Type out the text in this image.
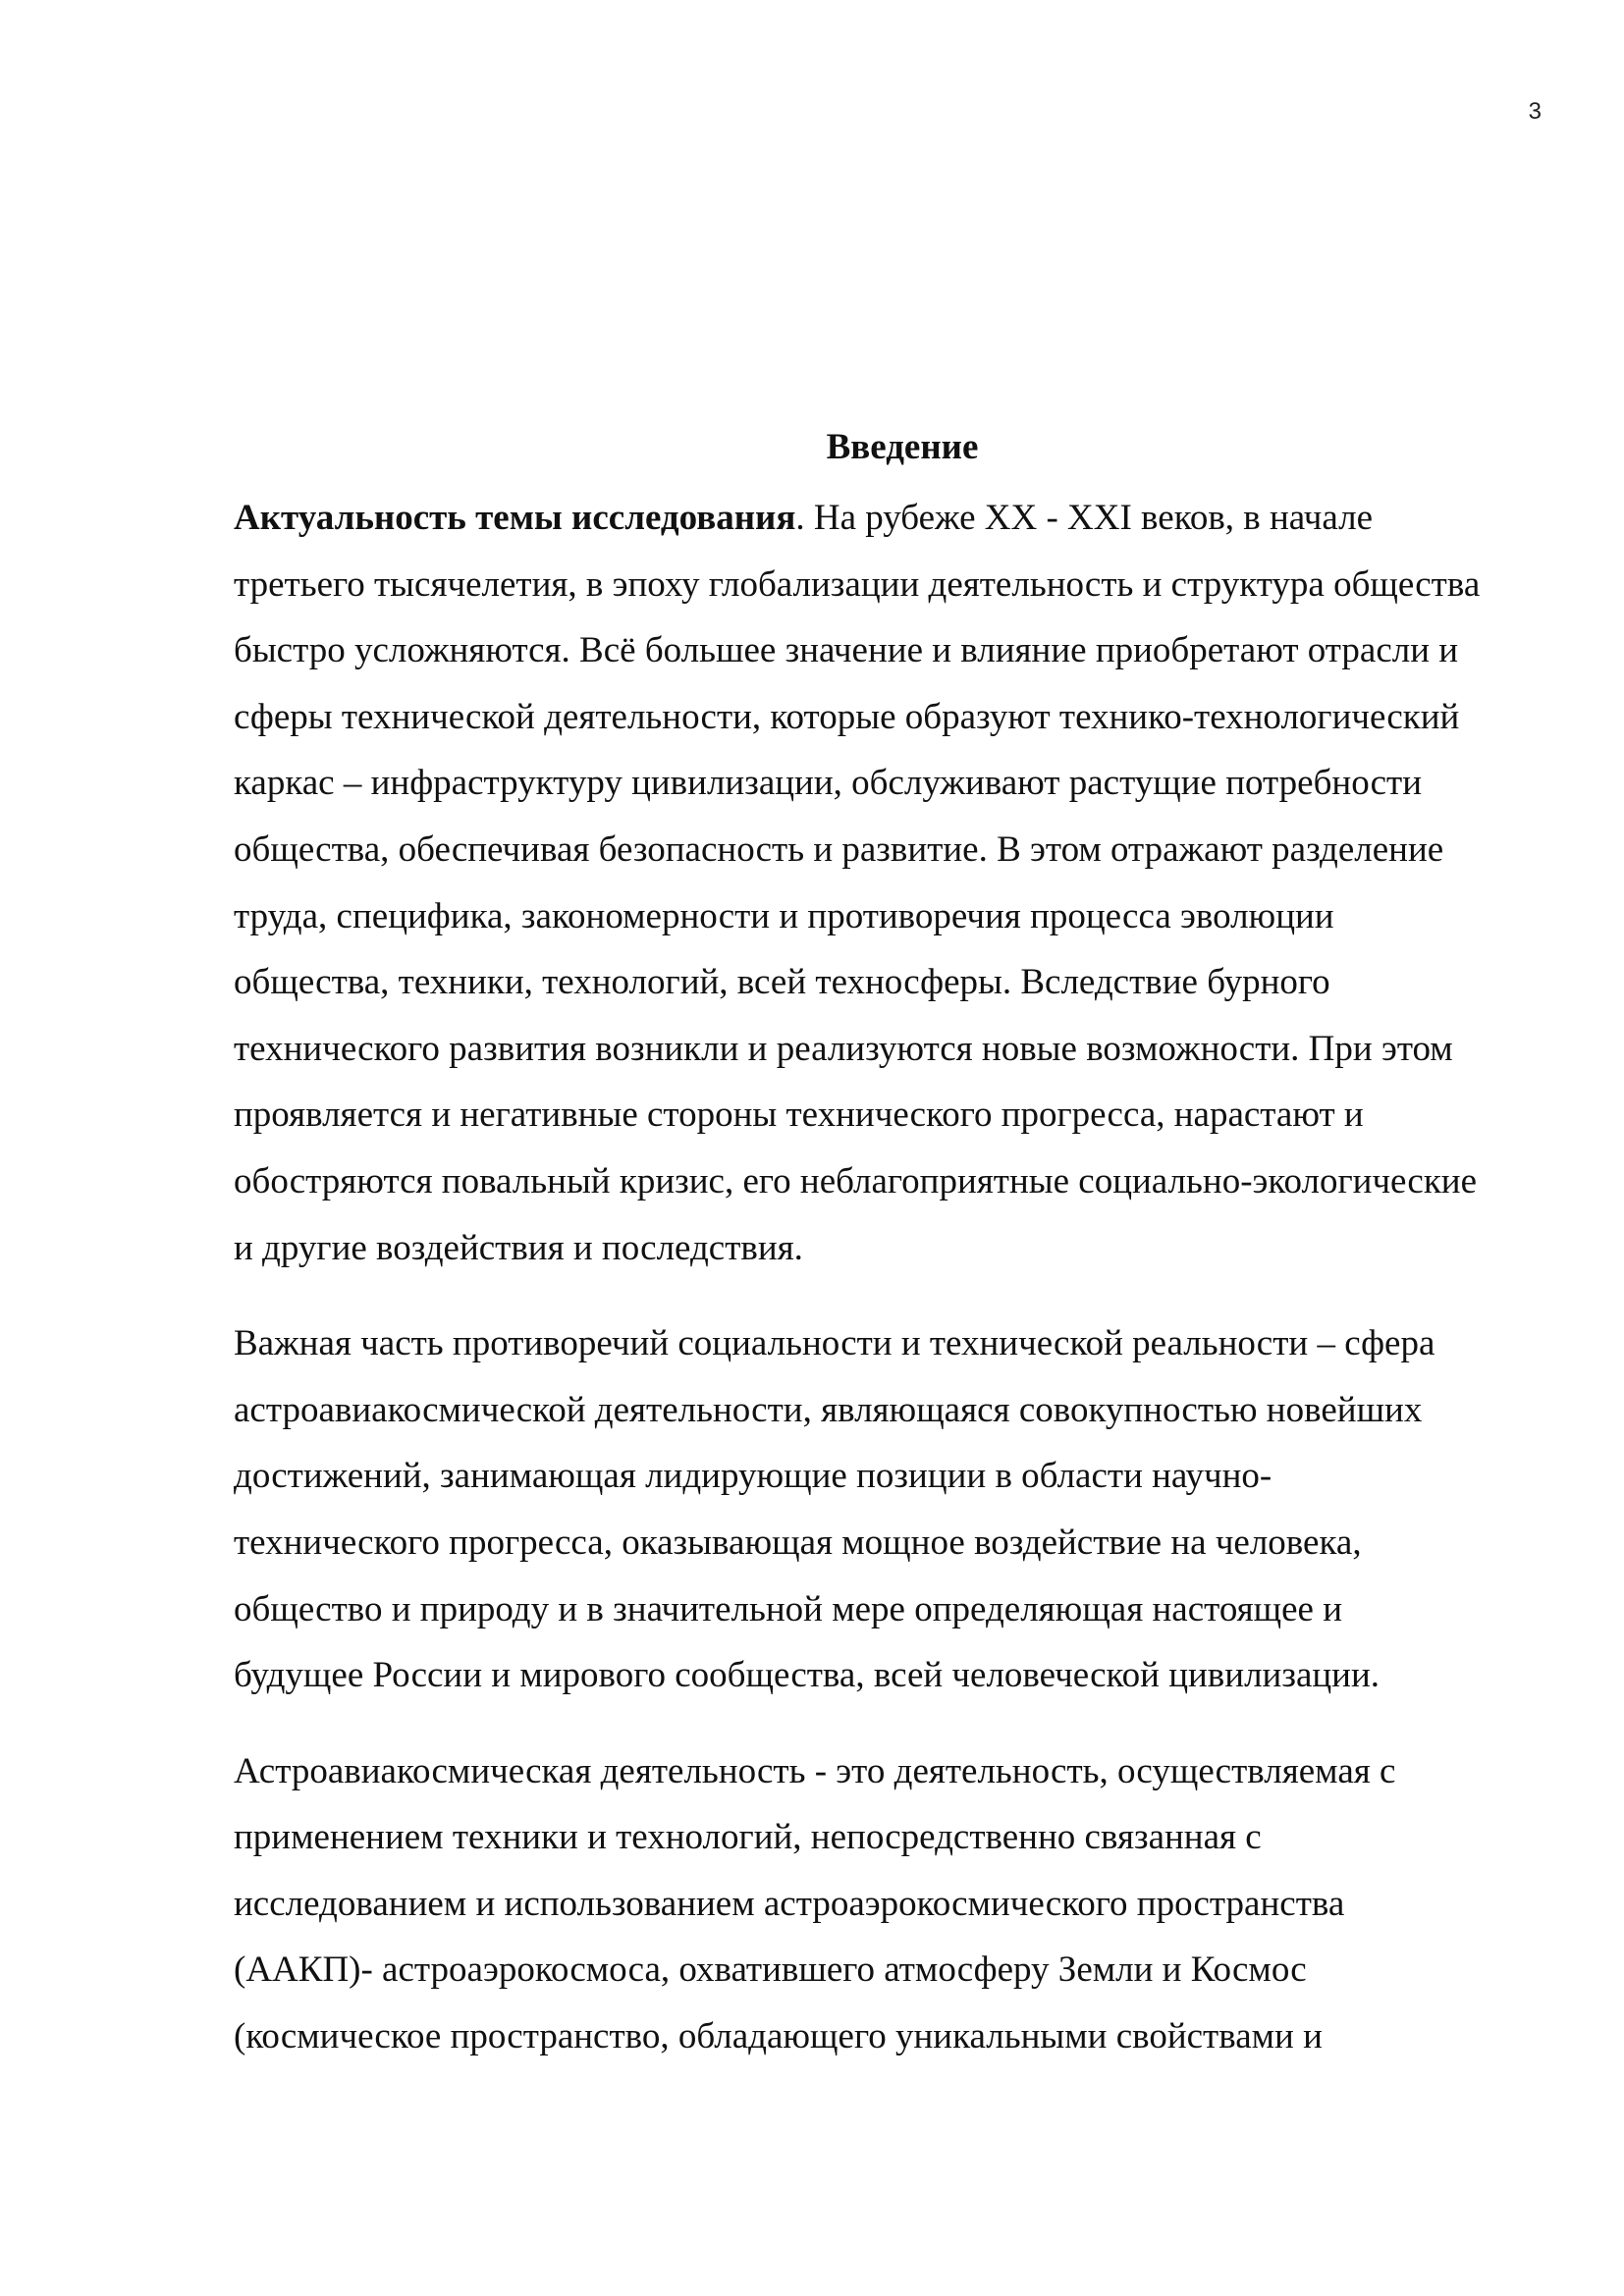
3
Введение
Актуальность темы исследования. На рубеже XX - XXI веков, в начале
третьего тысячелетия, в эпоху глобализации деятельность и структура общества
быстро усложняются. Всё большее значение и влияние приобретают отрасли и
сферы технической деятельности, которые образуют технико-технологический
каркас – инфраструктуру цивилизации, обслуживают растущие потребности
общества, обеспечивая безопасность и развитие. В этом отражают разделение
труда, специфика, закономерности и противоречия процесса эволюции
общества, техники, технологий, всей техносферы. Вследствие бурного
технического развития возникли и реализуются новые возможности. При этом
проявляется и негативные стороны технического прогресса, нарастают и
обостряются повальный кризис, его неблагоприятные социально-экологические
и другие воздействия и последствия.
Важная часть противоречий социальности и технической реальности – сфера
астроавиакосмической деятельности, являющаяся совокупностью новейших
достижений, занимающая лидирующие позиции в области научно-
технического прогресса, оказывающая мощное воздействие на человека,
общество и природу и в значительной мере определяющая настоящее и
будущее России и мирового сообщества, всей человеческой цивилизации.
Астроавиакосмическая деятельность - это деятельность, осуществляемая с
применением техники и технологий, непосредственно связанная с
исследованием и использованием астроаэрокосмического пространства
(ААКП)- астроаэрокосмоса, охватившего атмосферу Земли и Космос
(космическое пространство, обладающего уникальными свойствами и
